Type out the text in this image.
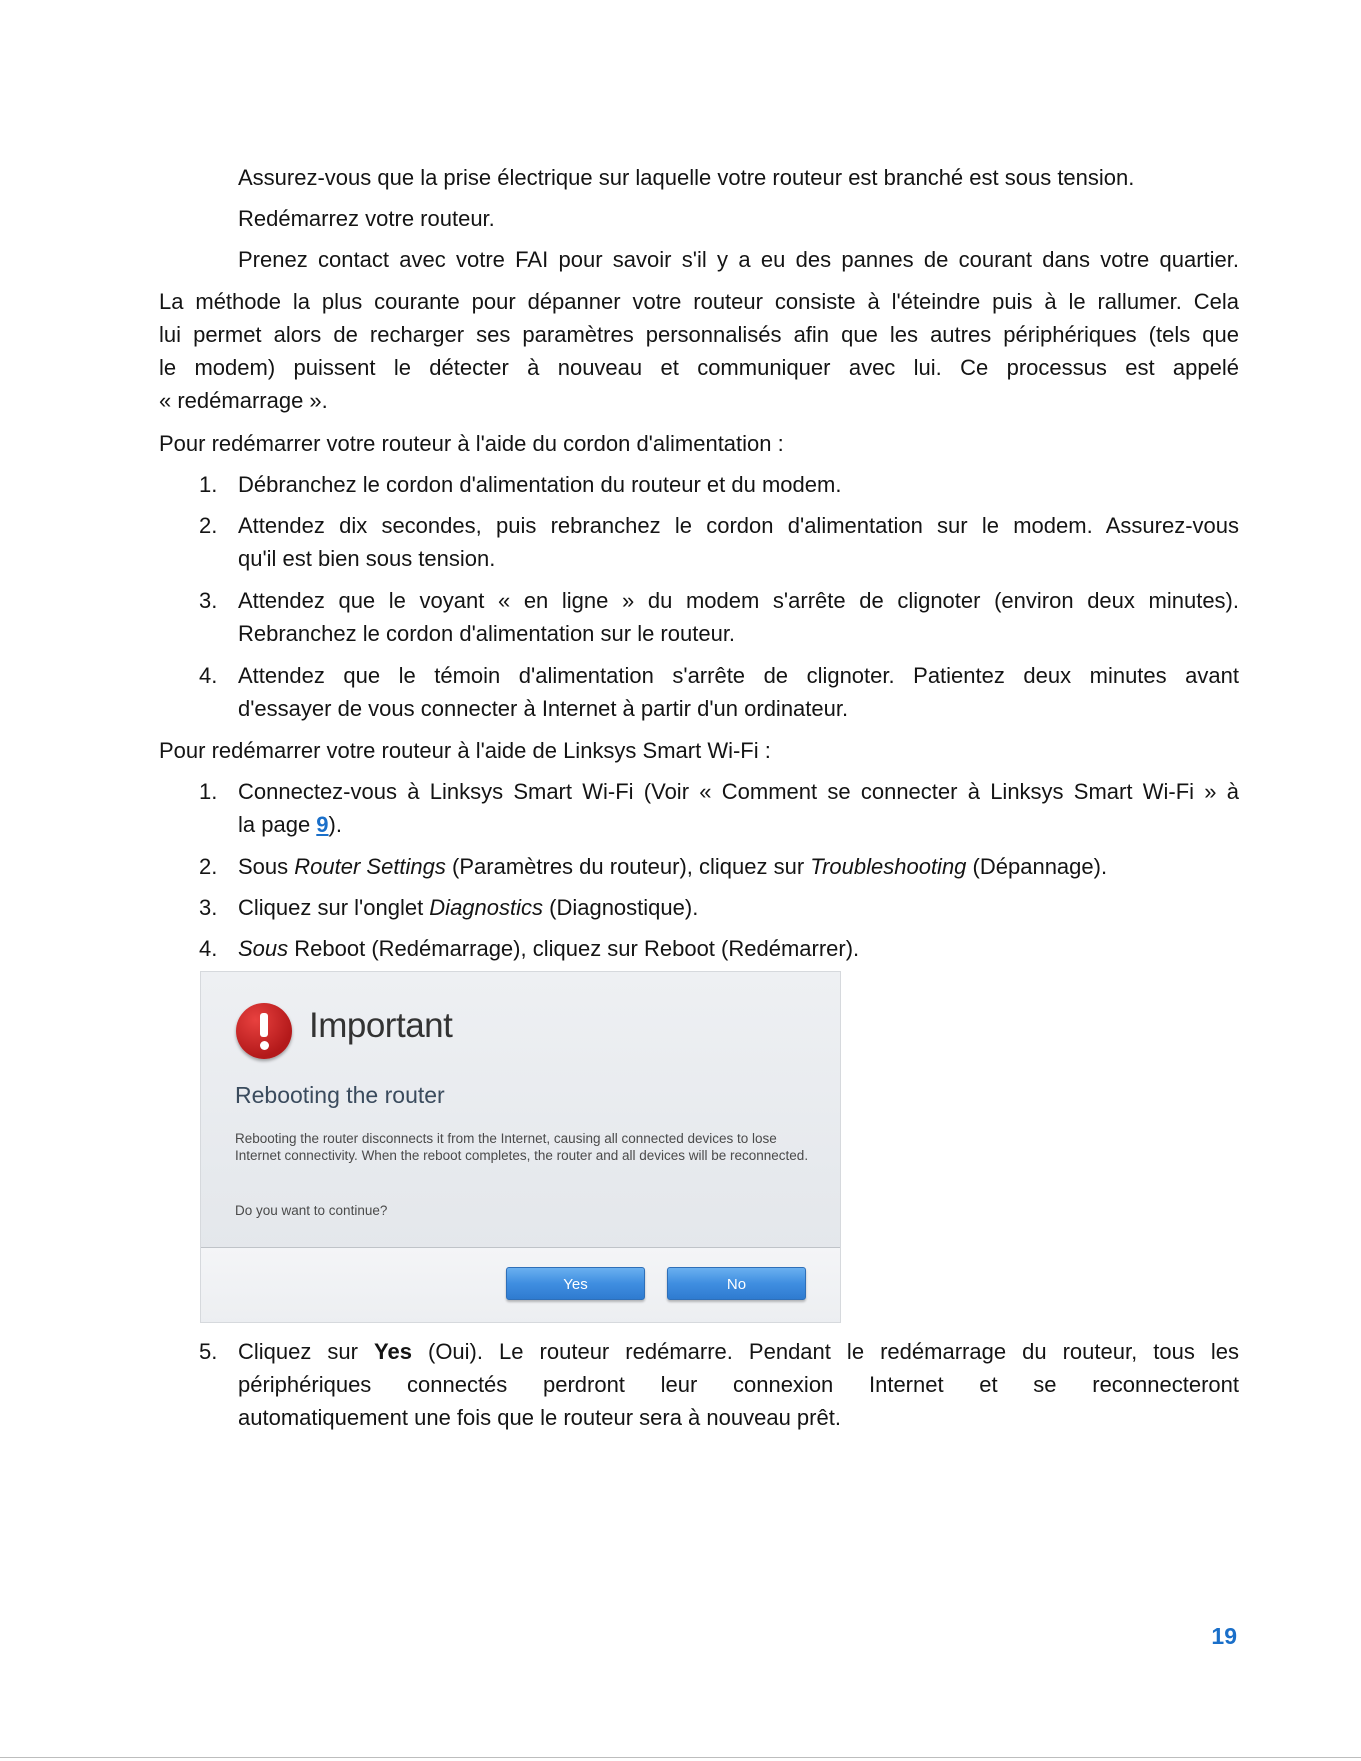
Assurez-vous que la prise électrique sur laquelle votre routeur est branché est sous tension.
Redémarrez votre routeur.
Prenez contact avec votre FAI pour savoir s'il y a eu des pannes de courant dans votre quartier.
La méthode la plus courante pour dépanner votre routeur consiste à l'éteindre puis à le rallumer. Cela
lui permet alors de recharger ses paramètres personnalisés afin que les autres périphériques (tels que
le modem) puissent le détecter à nouveau et communiquer avec lui. Ce processus est appelé
« redémarrage ».
Pour redémarrer votre routeur à l'aide du cordon d'alimentation :
1. Débranchez le cordon d'alimentation du routeur et du modem.
2. Attendez dix secondes, puis rebranchez le cordon d'alimentation sur le modem. Assurez-vous
qu'il est bien sous tension.
3. Attendez que le voyant « en ligne » du modem s'arrête de clignoter (environ deux minutes).
Rebranchez le cordon d'alimentation sur le routeur.
4. Attendez que le témoin d'alimentation s'arrête de clignoter. Patientez deux minutes avant
d'essayer de vous connecter à Internet à partir d'un ordinateur.
Pour redémarrer votre routeur à l'aide de Linksys Smart Wi-Fi :
1. Connectez-vous à Linksys Smart Wi-Fi (Voir « Comment se connecter à Linksys Smart Wi-Fi » à
la page 9).
2. Sous Router Settings (Paramètres du routeur), cliquez sur Troubleshooting (Dépannage).
3. Cliquez sur l'onglet Diagnostics (Diagnostique).
4. Sous Reboot (Redémarrage), cliquez sur Reboot (Redémarrer).
Important
Rebooting the router
Rebooting the router disconnects it from the Internet, causing all connected devices to lose Internet connectivity. When the reboot completes, the router and all devices will be reconnected.
Do you want to continue?
Yes	No
5. Cliquez sur Yes (Oui). Le routeur redémarre. Pendant le redémarrage du routeur, tous les
périphériques connectés perdront leur connexion Internet et se reconnecteront
automatiquement une fois que le routeur sera à nouveau prêt.
19
